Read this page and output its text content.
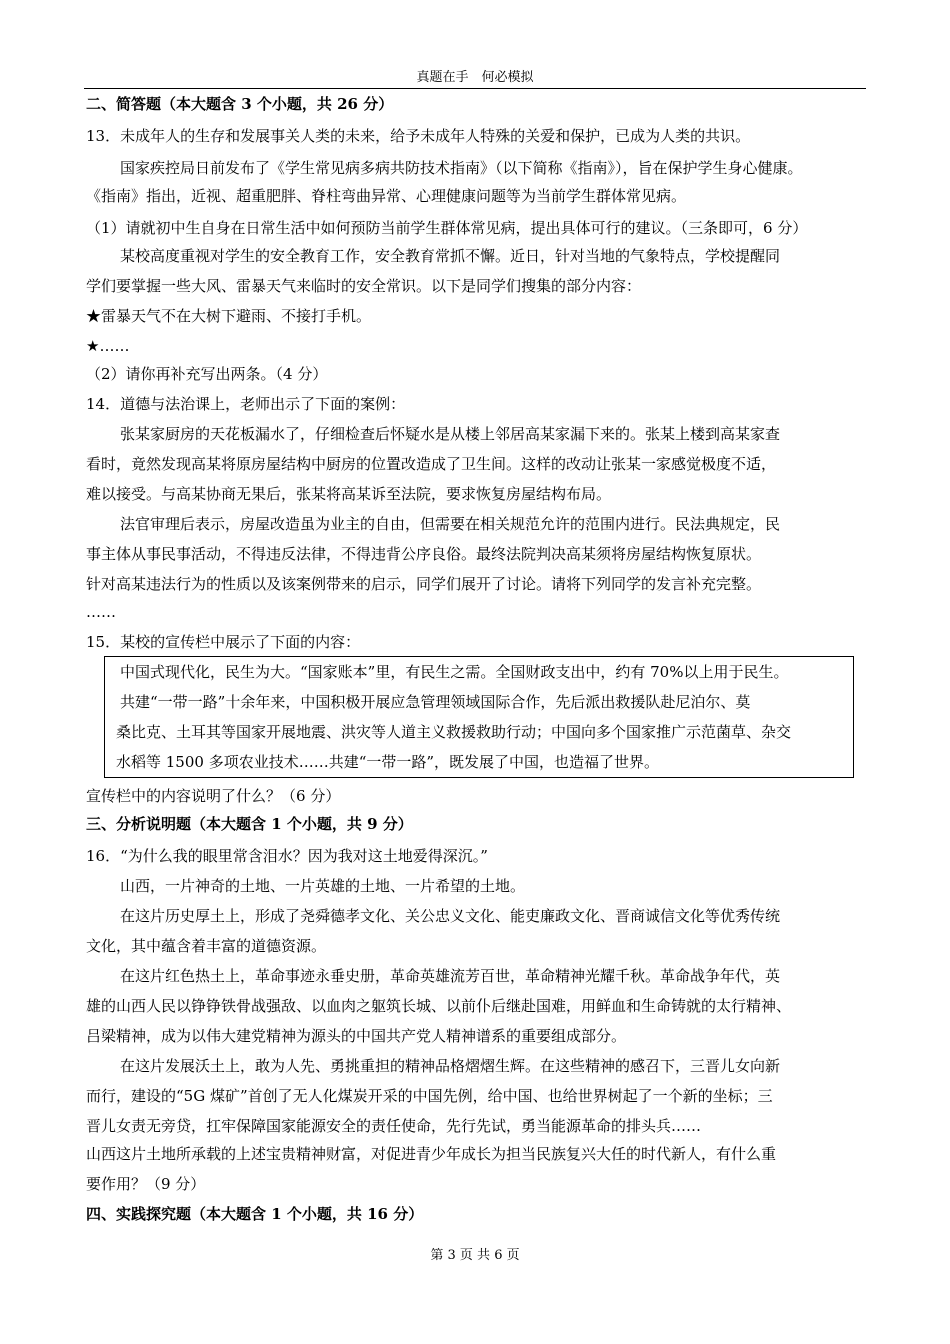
真题在手　何必模拟
二、简答题（本大题含 3 个小题，共 26 分）
13．未成年人的生存和发展事关人类的未来，给予未成年人特殊的关爱和保护，已成为人类的共识。
国家疾控局日前发布了《学生常见病多病共防技术指南》（以下简称《指南》），旨在保护学生身心健康。
《指南》指出，近视、超重肥胖、脊柱弯曲异常、心理健康问题等为当前学生群体常见病。
（1）请就初中生自身在日常生活中如何预防当前学生群体常见病，提出具体可行的建议。（三条即可，6 分）
某校高度重视对学生的安全教育工作，安全教育常抓不懈。近日，针对当地的气象特点，学校提醒同
学们要掌握一些大风、雷暴天气来临时的安全常识。以下是同学们搜集的部分内容：
★雷暴天气不在大树下避雨、不接打手机。
★……
（2）请你再补充写出两条。（4 分）
14．道德与法治课上，老师出示了下面的案例：
张某家厨房的天花板漏水了，仔细检查后怀疑水是从楼上邻居高某家漏下来的。张某上楼到高某家查
看时，竟然发现高某将原房屋结构中厨房的位置改造成了卫生间。这样的改动让张某一家感觉极度不适，
难以接受。与高某协商无果后，张某将高某诉至法院，要求恢复房屋结构布局。
法官审理后表示，房屋改造虽为业主的自由，但需要在相关规范允许的范围内进行。民法典规定，民
事主体从事民事活动，不得违反法律，不得违背公序良俗。最终法院判决高某须将房屋结构恢复原状。
针对高某违法行为的性质以及该案例带来的启示，同学们展开了讨论。请将下列同学的发言补充完整。
……
15．某校的宣传栏中展示了下面的内容：
中国式现代化，民生为大。“国家账本”里，有民生之需。全国财政支出中，约有 70%以上用于民生。
共建“一带一路”十余年来，中国积极开展应急管理领域国际合作，先后派出救援队赴尼泊尔、莫
桑比克、土耳其等国家开展地震、洪灾等人道主义救援救助行动；中国向多个国家推广示范菌草、杂交
水稻等 1500 多项农业技术……共建“一带一路”，既发展了中国，也造福了世界。
宣传栏中的内容说明了什么？（6 分）
三、分析说明题（本大题含 1 个小题，共 9 分）
16．“为什么我的眼里常含泪水？因为我对这土地爱得深沉。”
山西，一片神奇的土地、一片英雄的土地、一片希望的土地。
在这片历史厚土上，形成了尧舜德孝文化、关公忠义文化、能吏廉政文化、晋商诚信文化等优秀传统
文化，其中蕴含着丰富的道德资源。
在这片红色热土上，革命事迹永垂史册，革命英雄流芳百世，革命精神光耀千秋。革命战争年代，英
雄的山西人民以铮铮铁骨战强敌、以血肉之躯筑长城、以前仆后继赴国难，用鲜血和生命铸就的太行精神、
吕梁精神，成为以伟大建党精神为源头的中国共产党人精神谱系的重要组成部分。
在这片发展沃土上，敢为人先、勇挑重担的精神品格熠熠生辉。在这些精神的感召下，三晋儿女向新
而行，建设的“5G 煤矿”首创了无人化煤炭开采的中国先例，给中国、也给世界树起了一个新的坐标；三
晋儿女责无旁贷，扛牢保障国家能源安全的责任使命，先行先试，勇当能源革命的排头兵……
山西这片土地所承载的上述宝贵精神财富，对促进青少年成长为担当民族复兴大任的时代新人，有什么重
要作用？（9 分）
四、实践探究题（本大题含 1 个小题，共 16 分）
第 3 页 共 6 页
